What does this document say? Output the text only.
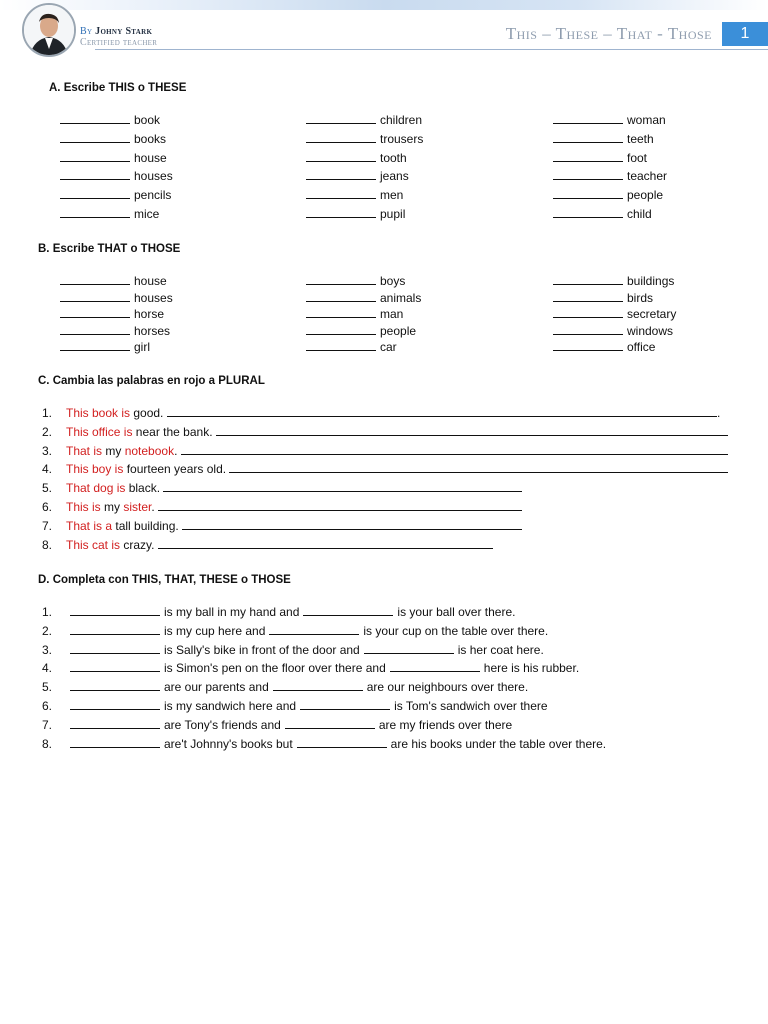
By Johny Stark
Certified teacher	This – These – That - Those	1
A. Escribe THIS o THESE
book	children	woman
books	trousers	teeth
house	tooth	foot
houses	jeans	teacher
pencils	men	people
mice	pupil	child
B. Escribe THAT o THOSE
house	boys	buildings
houses	animals	birds
horse	man	secretary
horses	people	windows
girl	car	office
C. Cambia las palabras en rojo a PLURAL
1. This book is good.	.
2. This office is near the bank.
3. That is my notebook.
4. This boy is fourteen years old.
5. That dog is black.
6. This is my sister.
7. That is a tall building.
8. This cat is crazy.
D. Completa con THIS, THAT, THESE o THOSE
1.	is my ball in my hand and	is your ball over there.
2.	is my cup here and	is your cup on the table over there.
3.	is Sally's bike in front of the door and	is her coat here.
4.	is Simon's pen on the floor over there and	here is his rubber.
5.	are our parents and	are our neighbours over there.
6.	is my sandwich here and	is Tom's sandwich over there
7.	are Tony's friends and	are my friends over there
8.	are't Johnny's books but	are his books under the table over there.
